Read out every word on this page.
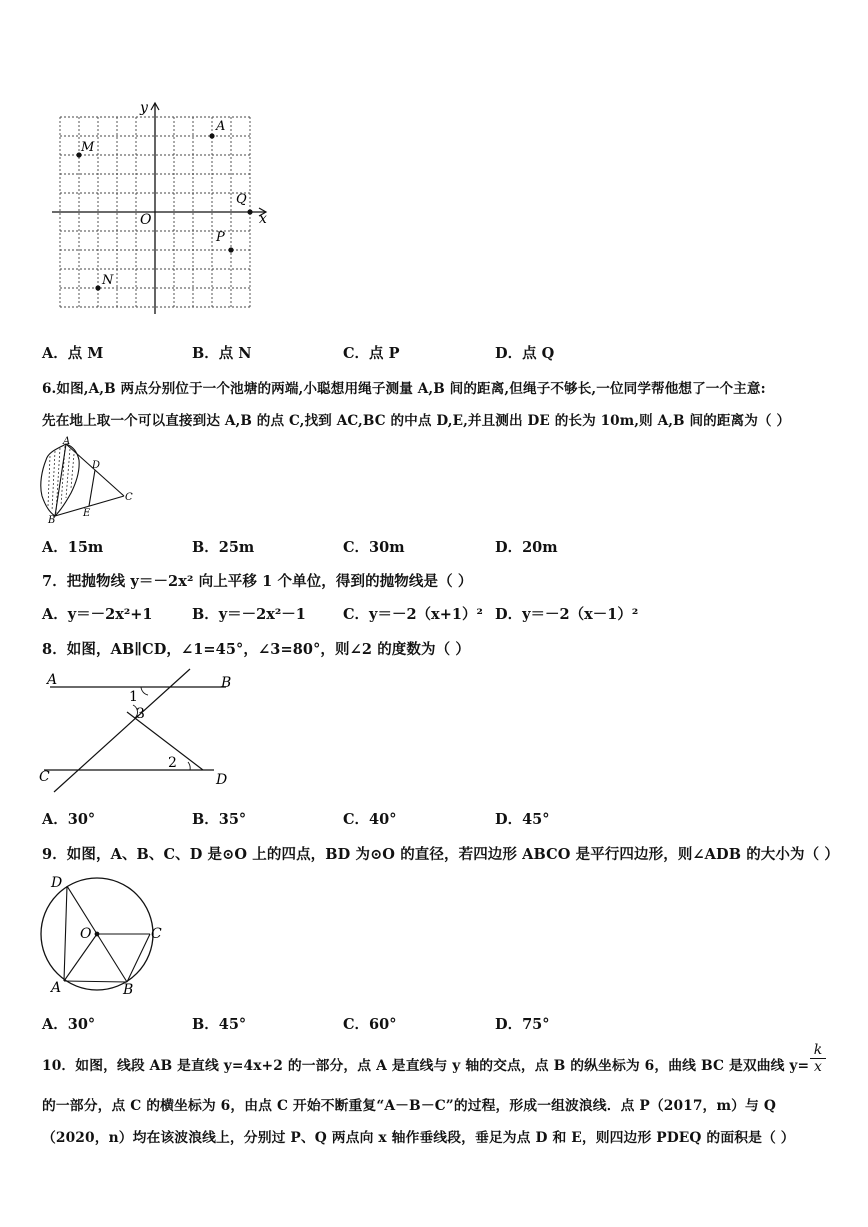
y
x
O
A
M
Q
P
N
A．点 M	B．点 N	C．点 P	D．点 Q
6.如图,A,B 两点分别位于一个池塘的两端,小聪想用绳子测量 A,B 间的距离,但绳子不够长,一位同学帮他想了一个主意:
先在地上取一个可以直接到达 A,B 的点 C,找到 AC,BC 的中点 D,E,并且测出 DE 的长为 10m,则 A,B 间的距离为（ ）
A
B
C
D
E
A．15m	B．25m	C．30m	D．20m
7．把抛物线 y＝－2x² 向上平移 1 个单位，得到的抛物线是（ ）
A．y＝－2x²+1	B．y＝－2x²－1	C．y＝－2（x+1）² D．y＝－2（x－1）²
8．如图，AB∥CD，∠1=45°，∠3=80°，则∠2 的度数为（ ）
A	B
C	D
1
3
2
A．30°	B．35°	C．40°	D．45°
9．如图，A、B、C、D 是⊙O 上的四点，BD 为⊙O 的直径，若四边形 ABCO 是平行四边形，则∠ADB 的大小为（ ）
D
O	C
A	B
A．30°	B．45°	C．60°	D．75°
10．如图，线段 AB 是直线 y=4x+2 的一部分，点 A 是直线与 y 轴的交点，点 B 的纵坐标为 6，曲线 BC 是双曲线 $y= \frac{k}{x}$
的一部分，点 C 的横坐标为 6，由点 C 开始不断重复“A－B－C”的过程，形成一组波浪线．点 P（2017，m）与 Q
（2020，n）均在该波浪线上，分别过 P、Q 两点向 x 轴作垂线段，垂足为点 D 和 E，则四边形 PDEQ 的面积是（ ）
